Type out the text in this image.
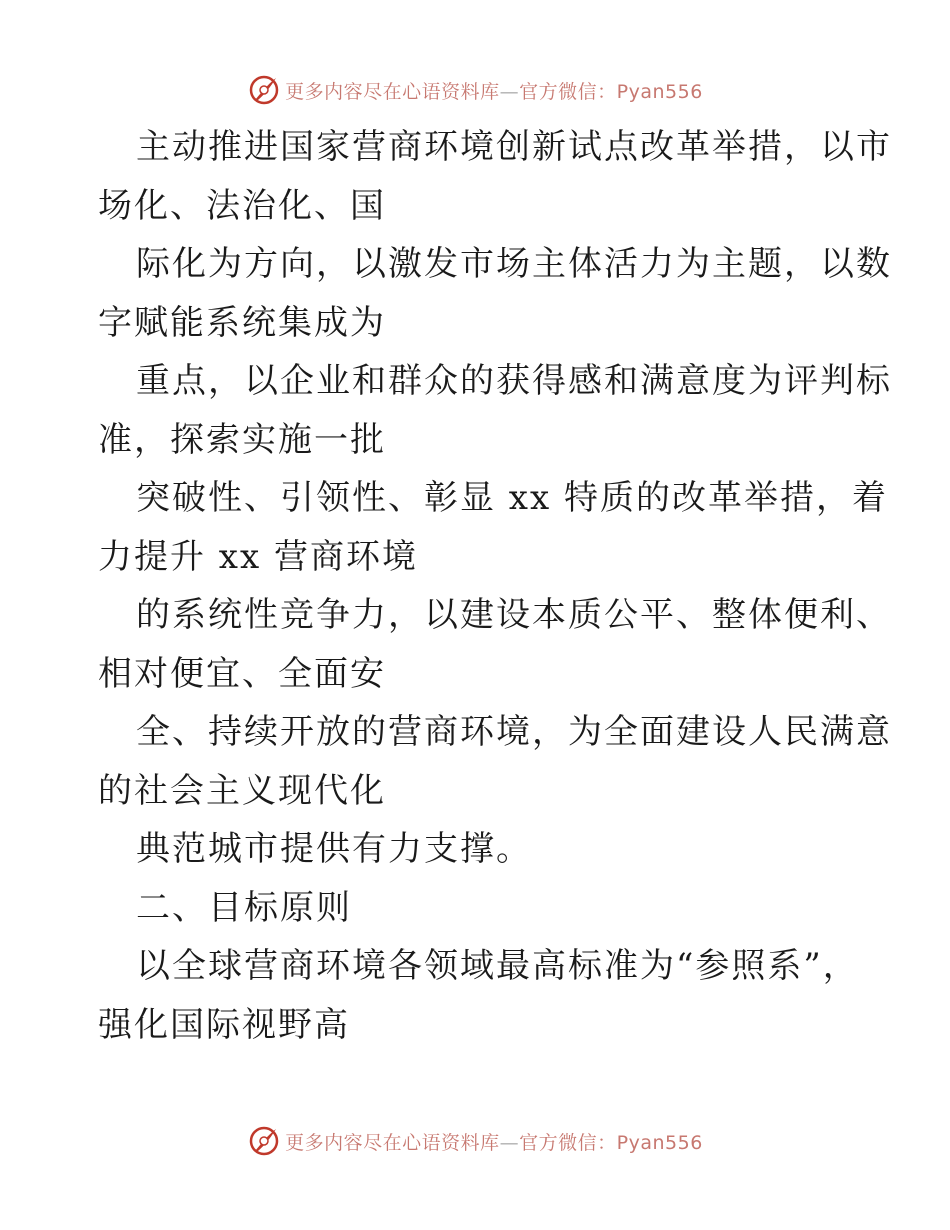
更多内容尽在心语资料库—官方微信：Pyan556
主动推进国家营商环境创新试点改革举措，以市
场化、法治化、国
际化为方向，以激发市场主体活力为主题，以数
字赋能系统集成为
重点，以企业和群众的获得感和满意度为评判标
准，探索实施一批
突破性、引领性、彰显 xx 特质的改革举措，着
力提升 xx 营商环境
的系统性竞争力，以建设本质公平、整体便利、
相对便宜、全面安
全、持续开放的营商环境，为全面建设人民满意
的社会主义现代化
典范城市提供有力支撑。
二、目标原则
以全球营商环境各领域最高标准为“参照系”，
强化国际视野高
更多内容尽在心语资料库—官方微信：Pyan556
